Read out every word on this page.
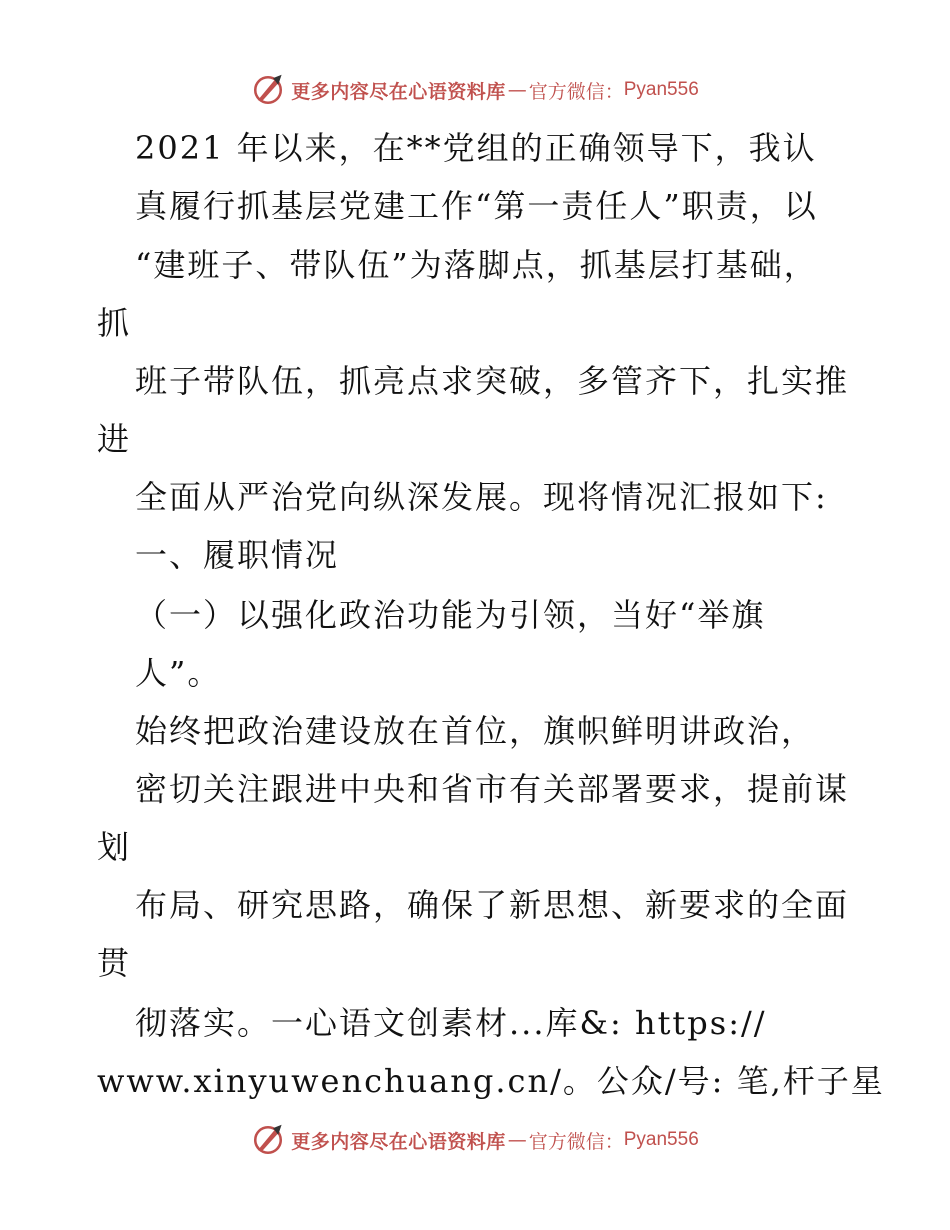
更多内容尽在心语资料库 — 官方微信： Pyan556
2021 年以来，在**党组的正确领导下，我认
真履行抓基层党建工作“第一责任人”职责，以
“建班子、带队伍”为落脚点，抓基层打基础，
抓
班子带队伍，抓亮点求突破，多管齐下，扎实推
进
全面从严治党向纵深发展。现将情况汇报如下:
一、履职情况
（一）以强化政治功能为引领，当好“举旗
人”。
始终把政治建设放在首位，旗帜鲜明讲政治，
密切关注跟进中央和省市有关部署要求，提前谋
划
布局、研究思路，确保了新思想、新要求的全面
贯
彻落实。一心语文创素材...库&: https://
www.xinyuwenchuang.cn/。公众/号: 笔,杆子星
更多内容尽在心语资料库 — 官方微信： Pyan556
